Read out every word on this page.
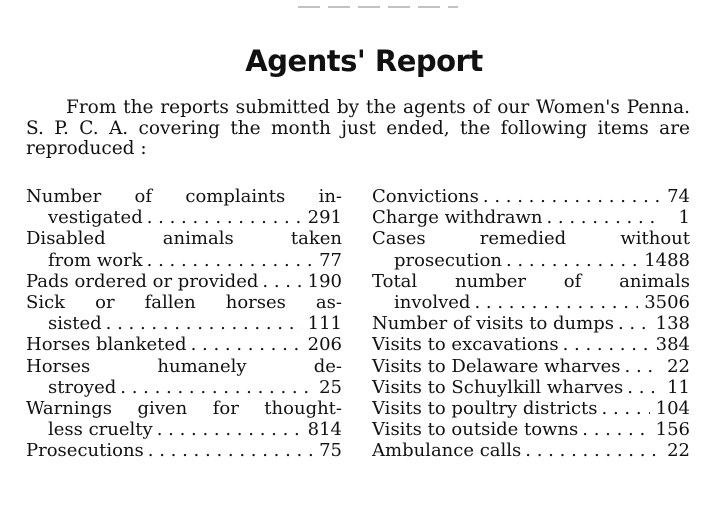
Agents' Report

From the reports submitted by the agents of our Women's Penna. S. P. C. A. covering the month just ended, the following items are reproduced :

Number of complaints in-
vestigated . . .	291
Disabled animals taken
from work . . .	77
Pads ordered or provided . . .	190
Sick or fallen horses as-
sisted . . .	111
Horses blanketed . . .	206
Horses humanely de-
stroyed . . .	25
Warnings given for thought-
less cruelty . . .	814
Prosecutions . . .	75
Convictions . . .	74
Charge withdrawn . . .	1
Cases remedied without
prosecution . . .	1488
Total number of animals
involved . . .	3506
Number of visits to dumps . . . 138
Visits to excavations . . .	384
Visits to Delaware wharves . . .	22
Visits to Schuylkill wharves . . . 11
Visits to poultry districts . . .	104
Visits to outside towns . . .	156
Ambulance calls . . .	22
